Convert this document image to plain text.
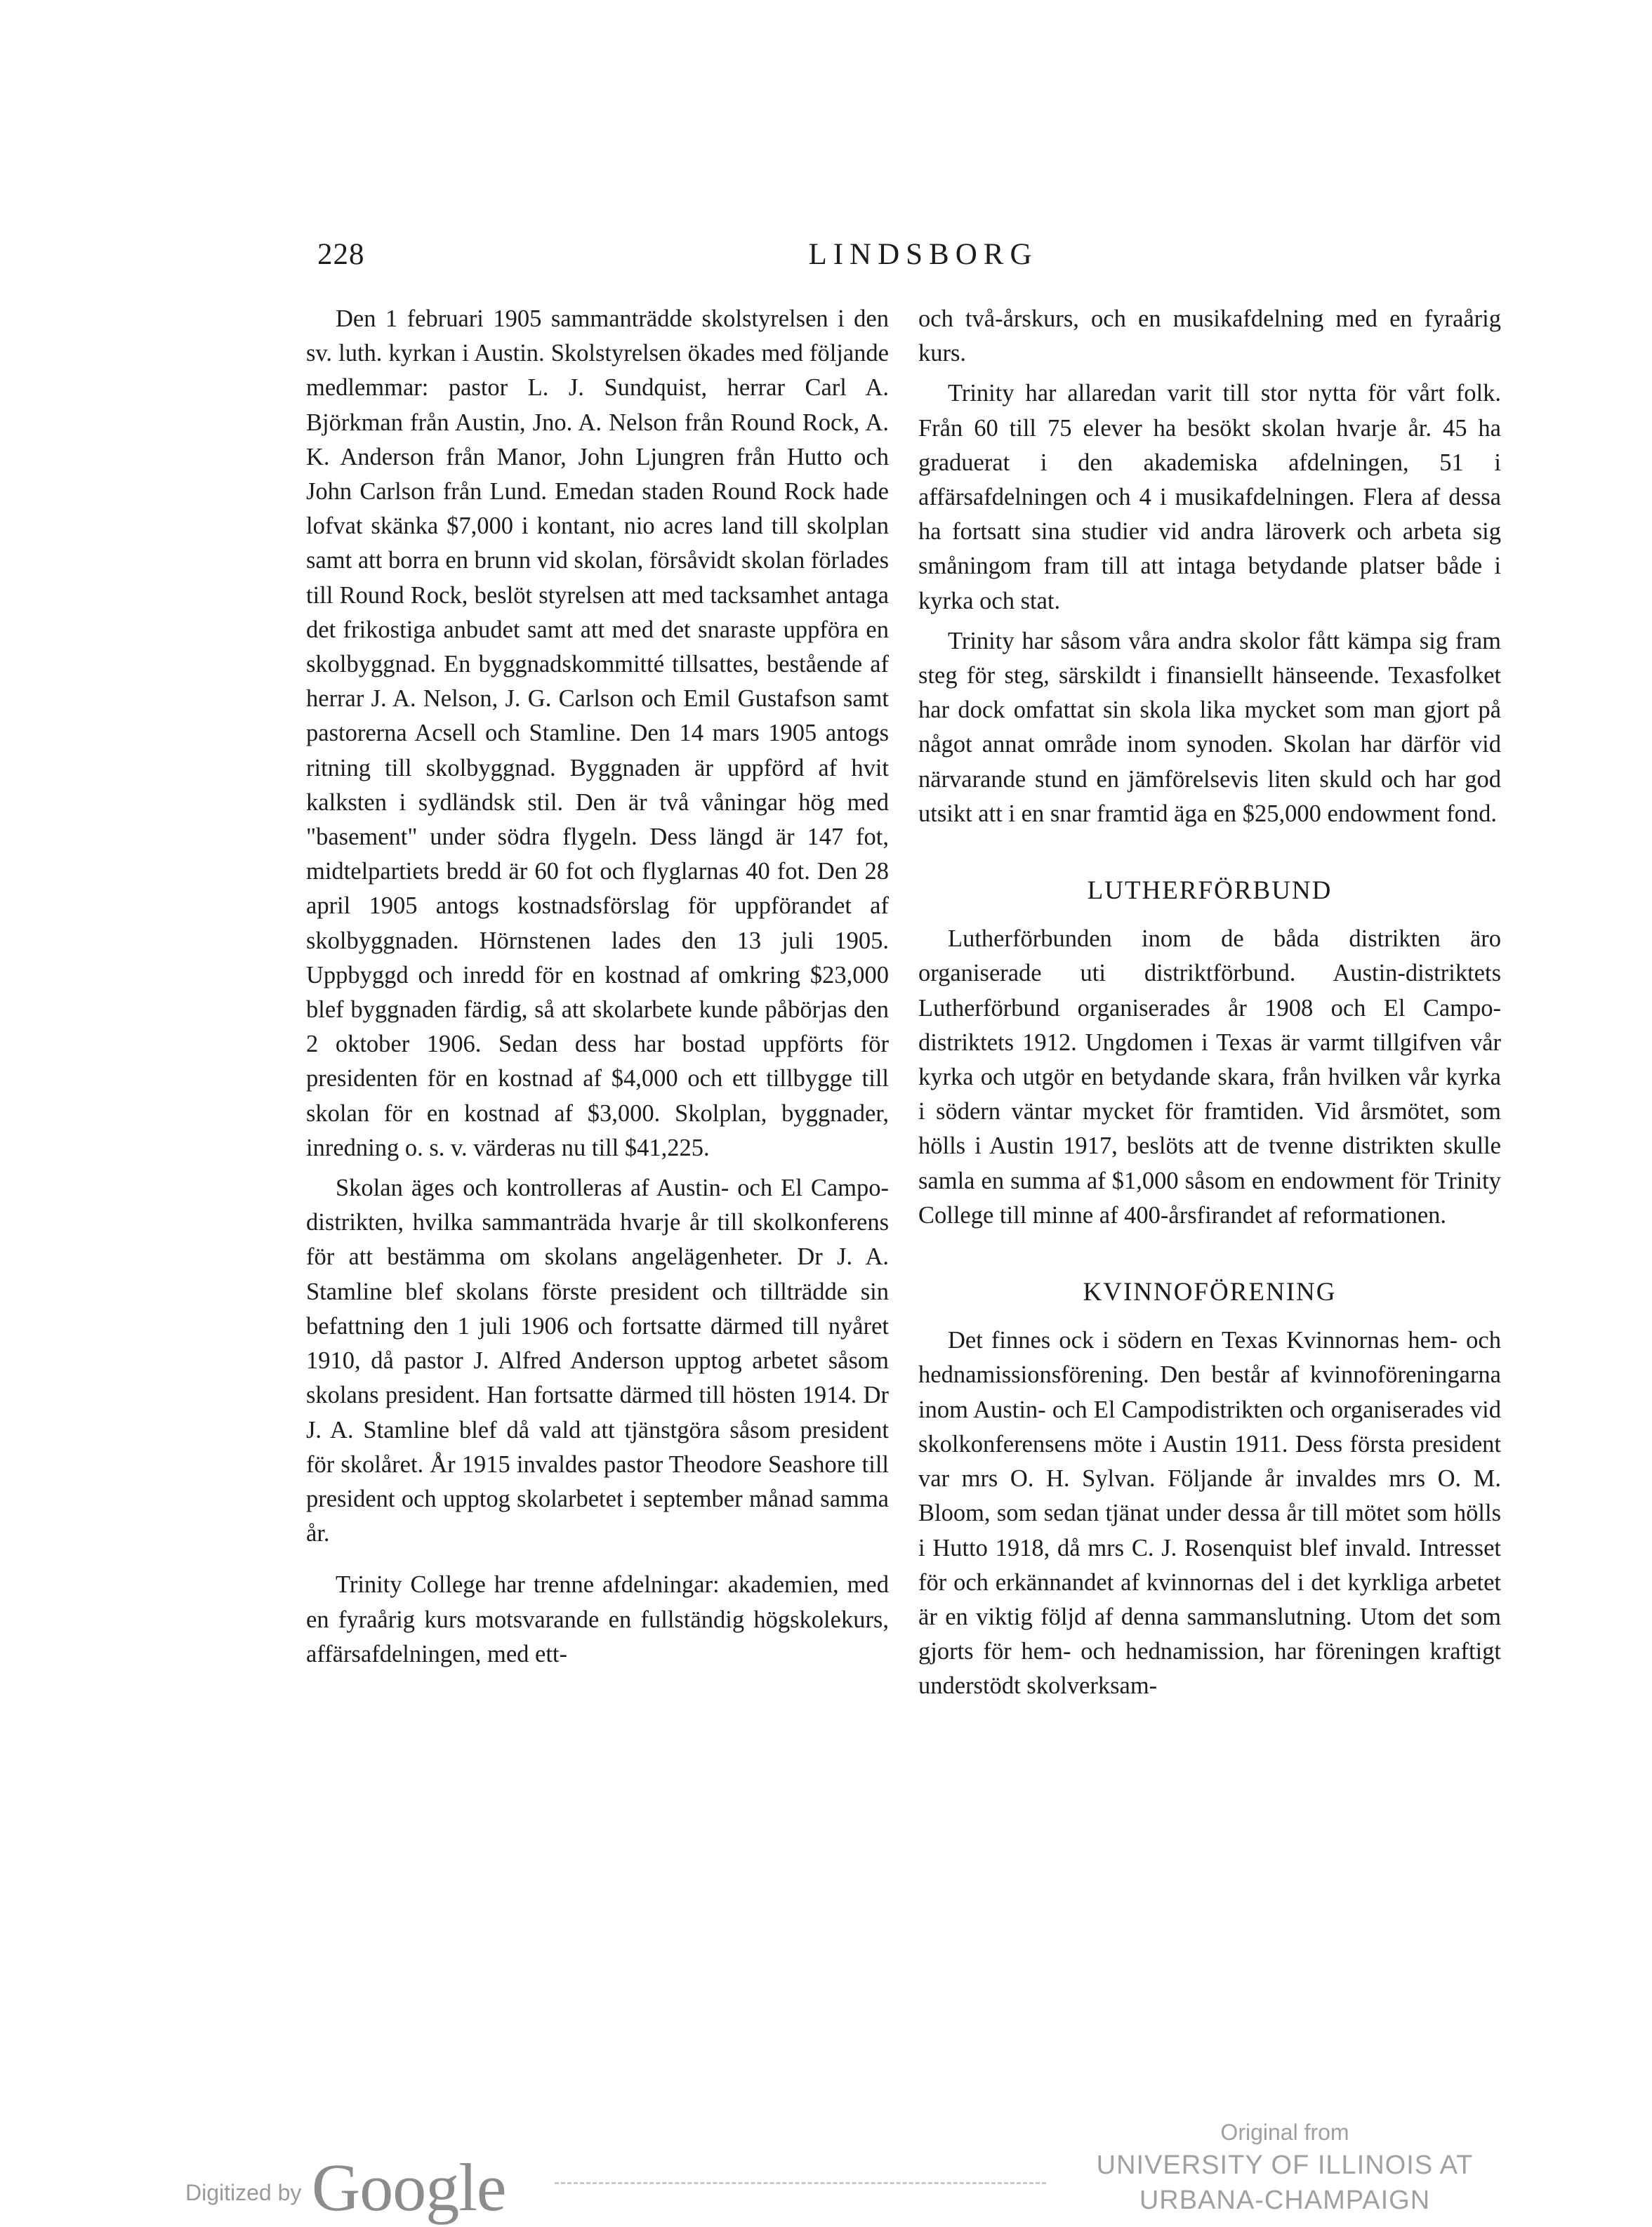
228	LINDSBORG

Den 1 februari 1905 sammanträdde skolstyrelsen i den sv. luth. kyrkan i Austin. Skolstyrelsen ökades med följande medlemmar: pastor L. J. Sundquist, herrar Carl A. Björkman från Austin, Jno. A. Nelson från Round Rock, A. K. Anderson från Manor, John Ljungren från Hutto och John Carlson från Lund. Emedan staden Round Rock hade lofvat skänka $7,000 i kontant, nio acres land till skolplan samt att borra en brunn vid skolan, försåvidt skolan förlades till Round Rock, beslöt styrelsen att med tacksamhet antaga det frikostiga anbudet samt att med det snaraste uppföra en skolbyggnad. En byggnadskommitté tillsattes, bestående af herrar J. A. Nelson, J. G. Carlson och Emil Gustafson samt pastorerna Acsell och Stamline. Den 14 mars 1905 antogs ritning till skolbyggnad. Byggnaden är uppförd af hvit kalksten i sydländsk stil. Den är två våningar hög med "basement" under södra flygeln. Dess längd är 147 fot, midtelpartiets bredd är 60 fot och flyglarnas 40 fot. Den 28 april 1905 antogs kostnadsförslag för uppförandet af skolbyggnaden. Hörnstenen lades den 13 juli 1905. Uppbyggd och inredd för en kostnad af omkring $23,000 blef byggnaden färdig, så att skolarbete kunde påbörjas den 2 oktober 1906. Sedan dess har bostad uppförts för presidenten för en kostnad af $4,000 och ett tillbygge till skolan för en kostnad af $3,000. Skolplan, byggnader, inredning o. s. v. värderas nu till $41,225.

Skolan äges och kontrolleras af Austin- och El Campo-distrikten, hvilka sammanträda hvarje år till skolkonferens för att bestämma om skolans angelägenheter. Dr J. A. Stamline blef skolans förste president och tillträdde sin befattning den 1 juli 1906 och fortsatte därmed till nyåret 1910, då pastor J. Alfred Anderson upptog arbetet såsom skolans president. Han fortsatte därmed till hösten 1914. Dr J. A. Stamline blef då vald att tjänstgöra såsom president för skolåret. År 1915 invaldes pastor Theodore Seashore till president och upptog skolarbetet i september månad samma år.

Trinity College har trenne afdelningar: akademien, med en fyraårig kurs motsvarande en fullständig högskolekurs, affärsafdelningen, med ett-

och två-årskurs, och en musikafdelning med en fyraårig kurs.

Trinity har allaredan varit till stor nytta för vårt folk. Från 60 till 75 elever ha besökt skolan hvarje år. 45 ha graduerat i den akademiska afdelningen, 51 i affärsafdelningen och 4 i musikafdelningen. Flera af dessa ha fortsatt sina studier vid andra läroverk och arbeta sig småningom fram till att intaga betydande platser både i kyrka och stat.

Trinity har såsom våra andra skolor fått kämpa sig fram steg för steg, särskildt i finansiellt hänseende. Texasfolket har dock omfattat sin skola lika mycket som man gjort på något annat område inom synoden. Skolan har därför vid närvarande stund en jämförelsevis liten skuld och har god utsikt att i en snar framtid äga en $25,000 endowment fond.

LUTHERFÖRBUND

Lutherförbunden inom de båda distrikten äro organiserade uti distriktförbund. Austin-distriktets Lutherförbund organiserades år 1908 och El Campo-distriktets 1912. Ungdomen i Texas är varmt tillgifven vår kyrka och utgör en betydande skara, från hvilken vår kyrka i södern väntar mycket för framtiden. Vid årsmötet, som hölls i Austin 1917, beslöts att de tvenne distrikten skulle samla en summa af $1,000 såsom en endowment för Trinity College till minne af 400-årsfirandet af reformationen.

KVINNOFÖRENING

Det finnes ock i södern en Texas Kvinnornas hem- och hednamissionsförening. Den består af kvinnoföreningarna inom Austin- och El Campodistrikten och organiserades vid skolkonferensens möte i Austin 1911. Dess första president var mrs O. H. Sylvan. Följande år invaldes mrs O. M. Bloom, som sedan tjänat under dessa år till mötet som hölls i Hutto 1918, då mrs C. J. Rosenquist blef invald. Intresset för och erkännandet af kvinnornas del i det kyrkliga arbetet är en viktig följd af denna sammanslutning. Utom det som gjorts för hem- och hednamission, har föreningen kraftigt understödt skolverksam-

Digitized by Google
Original from
UNIVERSITY OF ILLINOIS AT
URBANA-CHAMPAIGN
